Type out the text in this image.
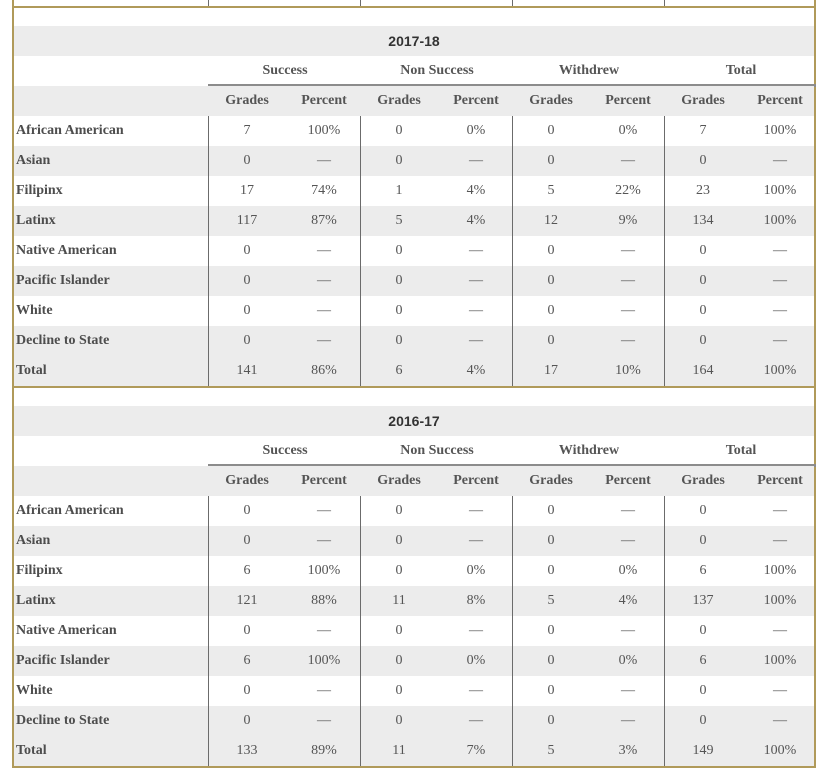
2017-18
Success	Non Success	Withdrew	Total
Grades	Percent	Grades	Percent	Grades	Percent	Grades	Percent
African American	7	100%	0	0%	0	0%	7	100%
Asian	0	—	0	—	0	—	0	—
Filipinx	17	74%	1	4%	5	22%	23	100%
Latinx	117	87%	5	4%	12	9%	134	100%
Native American	0	—	0	—	0	—	0	—
Pacific Islander	0	—	0	—	0	—	0	—
White	0	—	0	—	0	—	0	—
Decline to State	0	—	0	—	0	—	0	—
Total	141	86%	6	4%	17	10%	164	100%
2016-17
Success	Non Success	Withdrew	Total
Grades	Percent	Grades	Percent	Grades	Percent	Grades	Percent
African American	0	—	0	—	0	—	0	—
Asian	0	—	0	—	0	—	0	—
Filipinx	6	100%	0	0%	0	0%	6	100%
Latinx	121	88%	11	8%	5	4%	137	100%
Native American	0	—	0	—	0	—	0	—
Pacific Islander	6	100%	0	0%	0	0%	6	100%
White	0	—	0	—	0	—	0	—
Decline to State	0	—	0	—	0	—	0	—
Total	133	89%	11	7%	5	3%	149	100%
